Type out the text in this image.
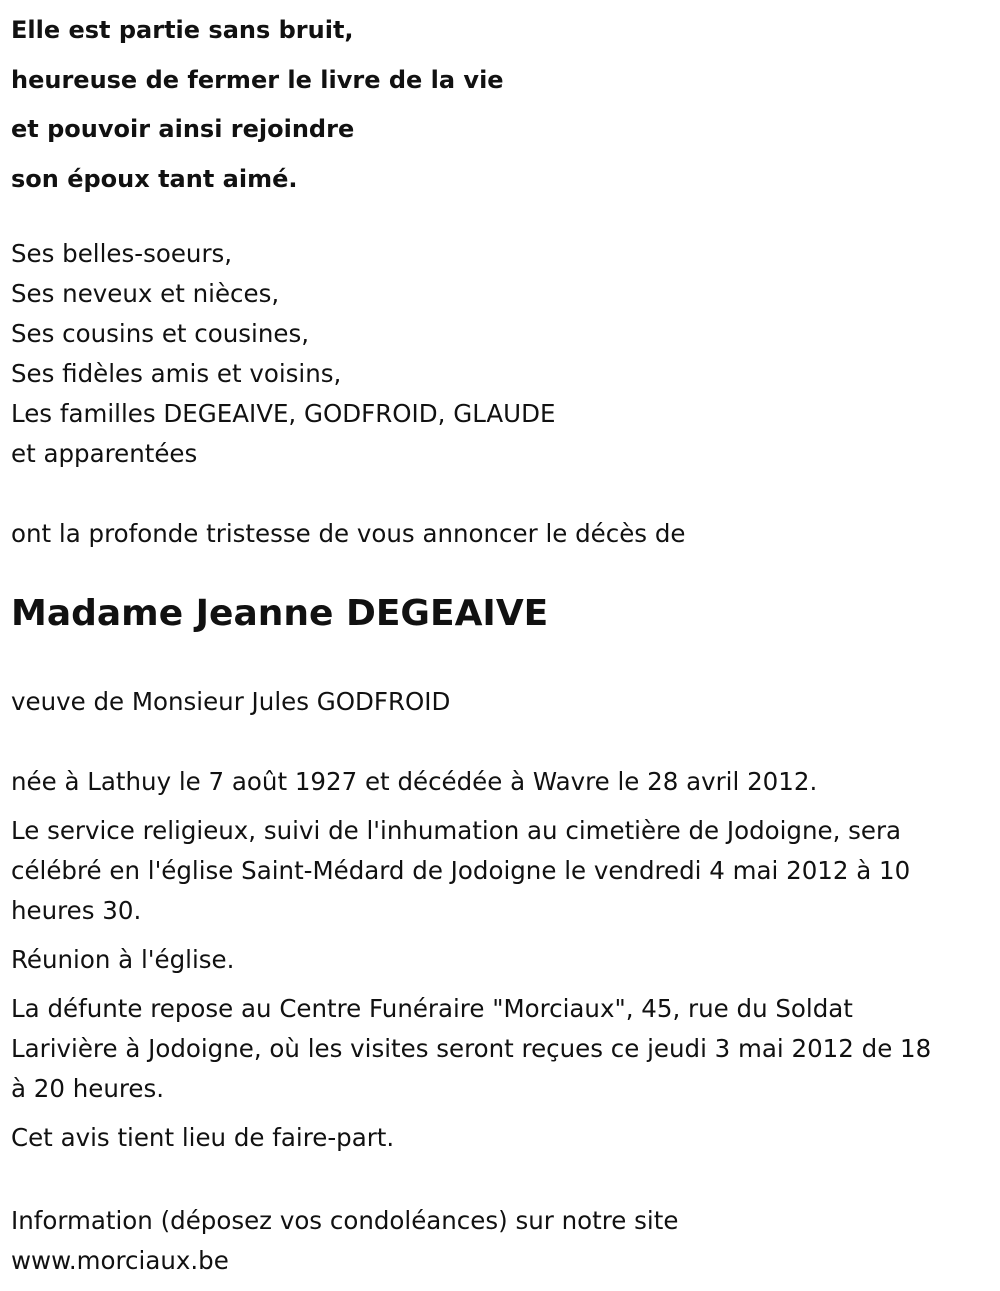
Elle est partie sans bruit,

heureuse de fermer le livre de la vie

et pouvoir ainsi rejoindre

son époux tant aimé.

Ses belles-soeurs,

Ses neveux et nièces,

Ses cousins et cousines,

Ses fidèles amis et voisins,

Les familles DEGEAIVE, GODFROID, GLAUDE

et apparentées

ont la profonde tristesse de vous annoncer le décès de

Madame Jeanne DEGEAIVE

veuve de Monsieur Jules GODFROID

née à Lathuy le 7 août 1927 et décédée à Wavre le 28 avril 2012.

Le service religieux, suivi de l'inhumation au cimetière de Jodoigne, sera
célébré en l'église Saint-Médard de Jodoigne le vendredi 4 mai 2012 à 10
heures 30.

Réunion à l'église.

La défunte repose au Centre Funéraire "Morciaux", 45, rue du Soldat
Larivière à Jodoigne, où les visites seront reçues ce jeudi 3 mai 2012 de 18
à 20 heures.

Cet avis tient lieu de faire-part.

Information (déposez vos condoléances) sur notre site

www.morciaux.be
